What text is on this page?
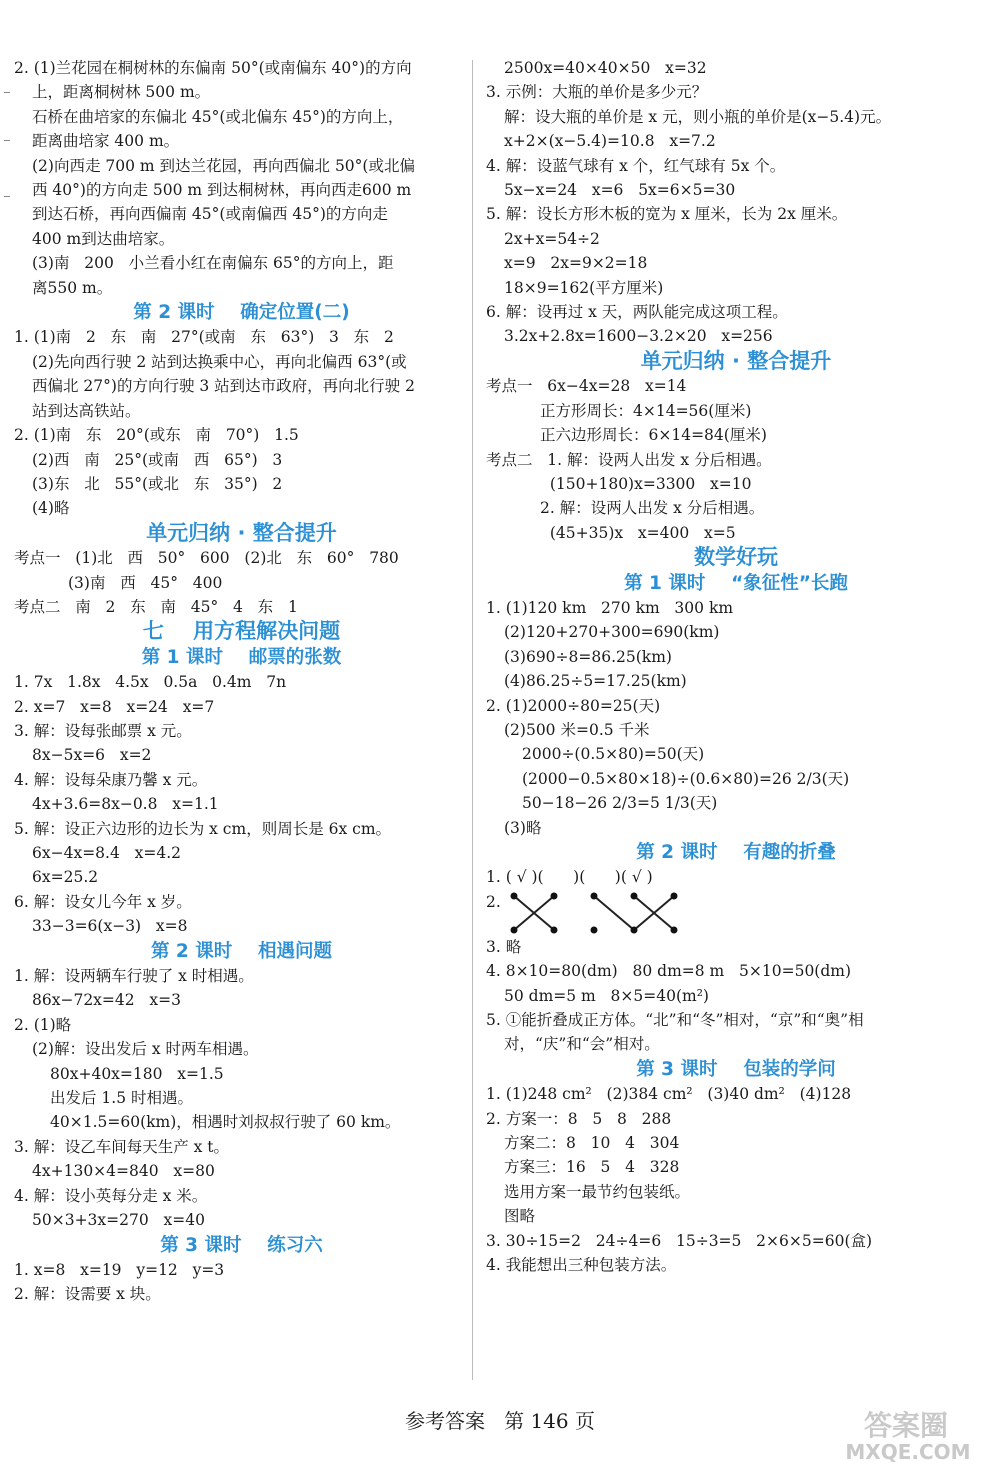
2. (1)兰花园在桐树林的东偏南 50°(或南偏东 40°)的方向
上，距离桐树林 500 m。
石桥在曲培家的东偏北 45°(或北偏东 45°)的方向上，
距离曲培家 400 m。
(2)向西走 700 m 到达兰花园，再向西偏北 50°(或北偏
西 40°)的方向走 500 m 到达桐树林，再向西走600 m
到达石桥，再向西偏南 45°(或南偏西 45°)的方向走
400 m到达曲培家。
(3)南   200   小兰看小红在南偏东 65°的方向上，距
离550 m。
第 2 课时    确定位置(二)
1. (1)南   2   东   南   27°(或南   东   63°)   3   东   2
(2)先向西行驶 2 站到达换乘中心，再向北偏西 63°(或
西偏北 27°)的方向行驶 3 站到达市政府，再向北行驶 2
站到达高铁站。
2. (1)南   东   20°(或东   南   70°)   1.5
(2)西   南   25°(或南   西   65°)   3
(3)东   北   55°(或北   东   35°)   2
(4)略
单元归纳 · 整合提升
考点一   (1)北   西   50°   600   (2)北   东   60°   780
(3)南   西   45°   400
考点二   南   2   东   南   45°   4   东   1
七    用方程解决问题
第 1 课时    邮票的张数
1. 7x   1.8x   4.5x   0.5a   0.4m   7n
2. x=7   x=8   x=24   x=7
3. 解：设每张邮票 x 元。
8x−5x=6   x=2
4. 解：设每朵康乃馨 x 元。
4x+3.6=8x−0.8   x=1.1
5. 解：设正六边形的边长为 x cm，则周长是 6x cm。
6x−4x=8.4   x=4.2
6x=25.2
6. 解：设女儿今年 x 岁。
33−3=6(x−3)   x=8
第 2 课时    相遇问题
1. 解：设两辆车行驶了 x 时相遇。
86x−72x=42   x=3
2. (1)略
(2)解：设出发后 x 时两车相遇。
80x+40x=180   x=1.5
出发后 1.5 时相遇。
40×1.5=60(km)，相遇时刘叔叔行驶了 60 km。
3. 解：设乙车间每天生产 x t。
4x+130×4=840   x=80
4. 解：设小英每分走 x 米。
50×3+3x=270   x=40
第 3 课时    练习六
1. x=8   x=19   y=12   y=3
2. 解：设需要 x 块。
2500x=40×40×50   x=32
3. 示例：大瓶的单价是多少元？
解：设大瓶的单价是 x 元，则小瓶的单价是(x−5.4)元。
x+2×(x−5.4)=10.8   x=7.2
4. 解：设蓝气球有 x 个，红气球有 5x 个。
5x−x=24   x=6   5x=6×5=30
5. 解：设长方形木板的宽为 x 厘米，长为 2x 厘米。
2x+x=54÷2
x=9   2x=9×2=18
18×9=162(平方厘米)
6. 解：设再过 x 天，两队能完成这项工程。
3.2x+2.8x=1600−3.2×20   x=256
单元归纳 · 整合提升
考点一   6x−4x=28   x=14
正方形周长：4×14=56(厘米)
正六边形周长：6×14=84(厘米)
考点二   1. 解：设两人出发 x 分后相遇。
(150+180)x=3300   x=10
2. 解：设两人出发 x 分后相遇。
(45+35)x   x=400   x=5
数学好玩
第 1 课时    “象征性”长跑
1. (1)120 km   270 km   300 km
(2)120+270+300=690(km)
(3)690÷8=86.25(km)
(4)86.25÷5=17.25(km)
2. (1)2000÷80=25(天)
(2)500 米=0.5 千米
2000÷(0.5×80)=50(天)
(2000−0.5×80×18)÷(0.6×80)=26 2/3(天)
50−18−26 2/3=5 1/3(天)
(3)略
第 2 课时    有趣的折叠
1. ( √ )(      )(      )( √ )
2.
3. 略
4. 8×10=80(dm)   80 dm=8 m   5×10=50(dm)
50 dm=5 m   8×5=40(m²)
5. ①能折叠成正方体。“北”和“冬”相对，“京”和“奥”相
对，“庆”和“会”相对。
第 3 课时    包装的学问
1. (1)248 cm²   (2)384 cm²   (3)40 dm²   (4)128
2. 方案一：8   5   8   288
方案二：8   10   4   304
方案三：16   5   4   328
选用方案一最节约包装纸。
图略
3. 30÷15=2   24÷4=6   15÷3=5   2×6×5=60(盒)
4. 我能想出三种包装方法。
参考答案   第 146 页	答案圈
MXQE.COM
